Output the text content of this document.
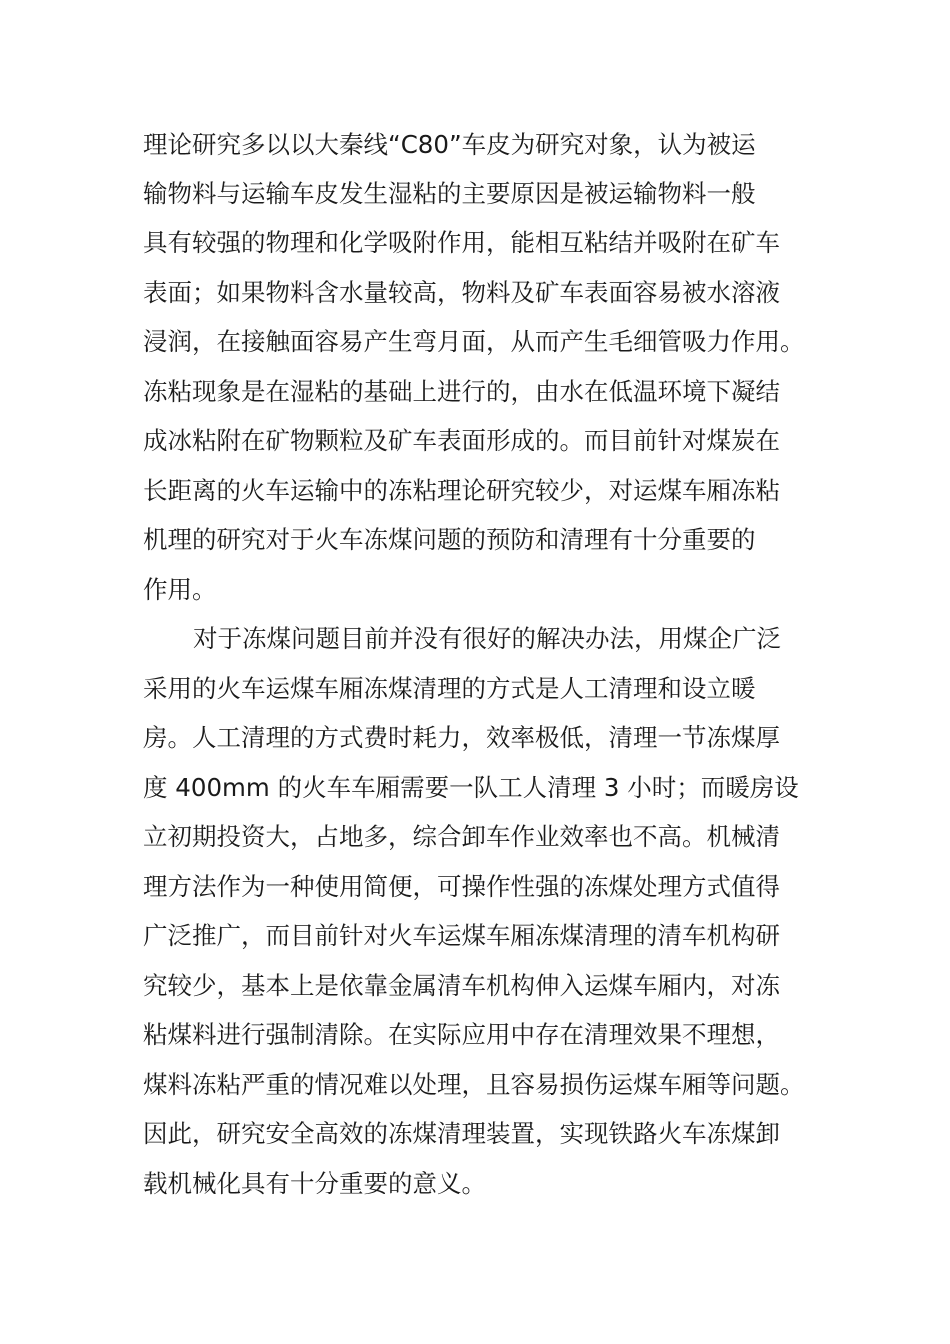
理论研究多以以大秦线“C80”车皮为研究对象，认为被运
输物料与运输车皮发生湿粘的主要原因是被运输物料一般
具有较强的物理和化学吸附作用，能相互粘结并吸附在矿车
表面；如果物料含水量较高，物料及矿车表面容易被水溶液
浸润，在接触面容易产生弯月面，从而产生毛细管吸力作用。
冻粘现象是在湿粘的基础上进行的，由水在低温环境下凝结
成冰粘附在矿物颗粒及矿车表面形成的。而目前针对煤炭在
长距离的火车运输中的冻粘理论研究较少，对运煤车厢冻粘
机理的研究对于火车冻煤问题的预防和清理有十分重要的
作用。
对于冻煤问题目前并没有很好的解决办法，用煤企广泛
采用的火车运煤车厢冻煤清理的方式是人工清理和设立暖
房。人工清理的方式费时耗力，效率极低，清理一节冻煤厚
度 400mm 的火车车厢需要一队工人清理 3 小时；而暖房设
立初期投资大，占地多，综合卸车作业效率也不高。机械清
理方法作为一种使用简便，可操作性强的冻煤处理方式值得
广泛推广，而目前针对火车运煤车厢冻煤清理的清车机构研
究较少，基本上是依靠金属清车机构伸入运煤车厢内，对冻
粘煤料进行强制清除。在实际应用中存在清理效果不理想，
煤料冻粘严重的情况难以处理，且容易损伤运煤车厢等问题。
因此，研究安全高效的冻煤清理装置，实现铁路火车冻煤卸
载机械化具有十分重要的意义。
